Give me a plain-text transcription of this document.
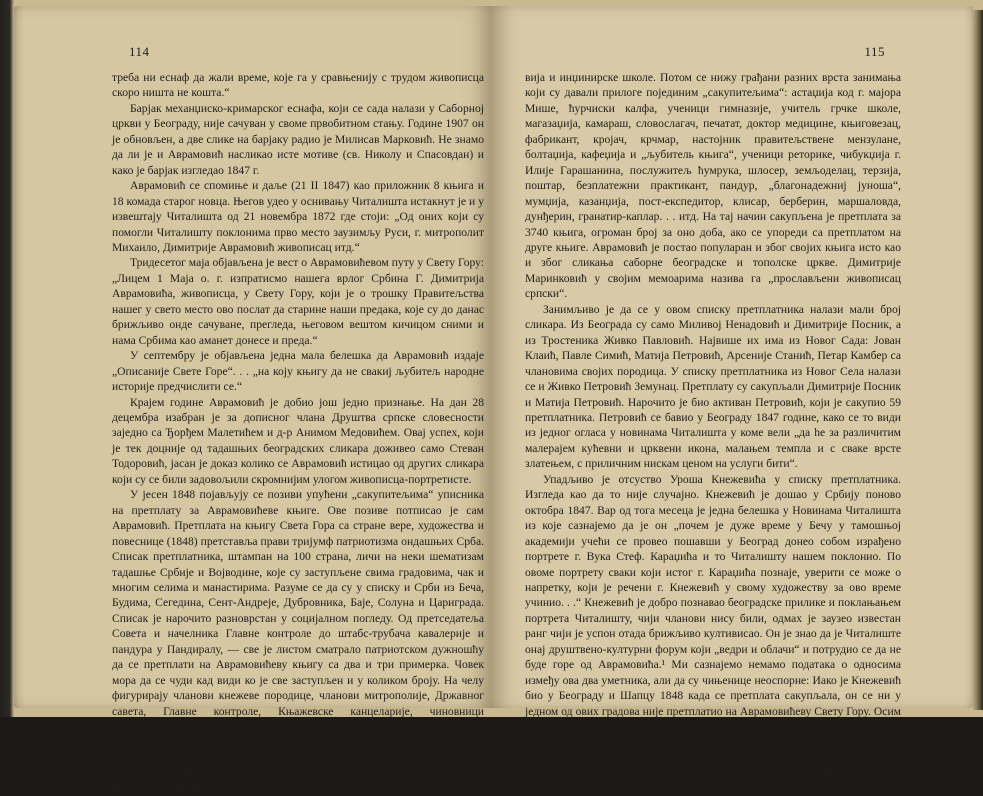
114

треба ни еснаф да жали време, које га у сравњенију с трудом живописца скоро ништа не кошта.“

Барјак механџиско-кримарског еснафа, који се сада налази у Саборној цркви у Београду, није сачуван у своме првобитном стању. Године 1907 он је обновљен, а две слике на барјаку радио је Милисав Марковић. Не знамо да ли је и Аврамовић насликао исте мотиве (св. Николу и Спасовдан) и како је барјак изгледао 1847 г.

Аврамовић се спомиње и даље (21 II 1847) као приложник 8 књига и 18 комада старог новца. Његов удео у оснивању Читалишта истакнут је и у извештају Читалишта од 21 новембра 1872 где стоји: „Од оних који су помогли Читалишту поклонима прво место заузимљу Руси, г. митрополит Михаило, Димитрије Аврамовић живописац итд.“

Тридесетог маја објављена је вест о Аврамовићевом путу у Свету Гору: „Лицем 1 Маја о. г. изпратисмо нашега врлог Србина Г. Димитрија Аврамовића, живописца, у Свету Гору, који је о трошку Правитељства нашег у свето место ово послат да старине наши предака, које су до данас брижљиво онде сачуване, прегледа, његовом вештом кичицом сними и нама Србима као аманет донесе и преда.“

У септембру је објављена једна мала белешка да Аврамовић издаје „Описаније Свете Горе“. . . „на коју књигу да не свакиј љубитељ народне историје предчислити се.“

Крајем године Аврамовић је добио још једно признање. На дан 28 децембра изабран је за дописног члана Друштва српске словесности заједно са Ђорђем Малетићем и д-р Анимом Медовићем. Овај успех, који је тек доцније од тадашњих београдских сликара доживео само Стеван Тодоровић, јасан је доказ колико се Аврамовић истицао од других сликара који су се били задовољили скромнијим улогом живописца-портретисте.

У јесен 1848 појављују се позиви упућени „сакупитељима“ уписника на претплату за Аврамовићеве књиге. Ове позиве потписао је сам Аврамовић. Претплата на књигу Света Гора са стране вере, художества и повеснице (1848) претставља прави тријумф патриотизма ондашњих Срба. Списак претплатника, штампан на 100 страна, личи на неки шематизам тадашње Србије и Војводине, које су заступљене свима градовима, чак и многим селима и манастирима. Разуме се да су у списку и Срби из Беча, Будима, Сегедина, Сент-Андреје, Дубровника, Баје, Солуна и Цариграда. Списак је нарочито разноврстан у социјалном погледу. Од претседатеља Совета и начелника Главне контроле до штабс-трубача кавалерије и пандура у Пандиралу, — све је листом сматрало патриотском дужношћу да се претплати на Аврамовићеву књигу са два и три примерка. Човек мора да се чуди кад види ко је све заступљен и у коликом броју. На челу фигурирају чланови кнежеве породице, чланови митрополије, Државног савета, Главне контроле, Књажевске канцеларије, чиновници Попечитељства внутрених дела, Попечитељства правосудија и просвештенија, Попечитељства финансија, Врховног суда, Апелационог суда, Суда вароши Београда, па онда војска, сви родови оружја, пехота, кавалерија и артилерија са Главним војеним штабом, чланови Читалишта београдског, професори и слушаоци права, мудросло-

115

вија и инџинирске школе. Потом се нижу грађани разних врста занимања који су давали прилоге појединим „сакупитељима“: астаџија код г. мајора Мише, ћурчиски калфа, ученици гимназије, учитель грчке школе, магазаџија, камараш, словослагач, печатат, доктор медицине, књиговезац, фабрикант, кројач, крчмар, настојник правитељствене мензулане, болтаџија, кафеџија и „љубитель књига“, ученици реторике, чибукџија г. Илије Гарашанина, послужитељ ћумрука, шлосер, земљоделац, терзија, поштар, безплатежни практикант, пандур, „благонадежниј јуноша“, мумџија, казанџија, пост-експедитор, клисар, берберин, маршаловда, дунђерин, гранатир-каплар. . . итд. На тај начин сакупљена је претплата за 3740 књига, огроман број за оно доба, ако се упореди са претплатом на друге књиге. Аврамовић је постао популаран и због својих књига исто као и због сликања саборне београдске и тополске цркве. Димитрије Маринковић у својим мемоарима назива га „прослављени живописац српски“.

Занимљиво је да се у овом списку претплатника налази мали број сликара. Из Београда су само Миливој Ненадовић и Димитрије Посник, а из Тростеника Живко Павловић. Највише их има из Новог Сада: Јован Клаић, Павле Симић, Матија Петровић, Арсеније Станић, Петар Камбер са члановима својих породица. У списку претплатника из Новог Села налази се и Живко Петровић Земунац. Претплату су сакупљали Димитрије Посник и Матија Петровић. Нарочито је био активан Петровић, који је сакупио 59 претплатника. Петровић се бавио у Београду 1847 године, како се то види из једног огласа у новинама Читалишта у коме вели „да he за различитим малерајем кућевни и црквени икона, малањем темпла и с сваке врсте златењем, с приличним нискам ценом на услуги бити“.

Упадљиво је отсуство Уроша Кнежевића у списку претплатника. Изгледа као да то није случајно. Кнежевић је дошао у Србију поново октобра 1847. Вар од тога месеца је једна белешка у Новинама Читалишта из које сазнајемо да је он „почем је дуже време у Бечу у тамошњој академији учећи се провео пошавши у Београд донео собом израђено портрете г. Вука Стеф. Караџића и то Читалишту нашем поклонио. По овоме портрету сваки који истог г. Караџића познаје, уверити се може о напретку, који је речени г. Кнежевић у свому художеству за ово време учинио. . .“ Кнежевић је добро познавао београдске прилике и поклањањем портрета Читалишту, чији чланови нису били, одмах је заузео известан ранг чији је успон отада брижљиво култивисао. Он је знао да је Читалиште онај друштвено-културни форум који „ведри и облачи“ и потрудио се да не буде горе од Аврамовића.¹ Ми сазнајемо немамо података о односима између ова два уметника, али да су чињенице неоспорне: Иако је Кнежевић био у Београду и Шапцу 1848 када се претплата сакупљала, он се ни у једном од ових градова није претплатио на Аврамовићеву Свету Гору. Осим тога, обојица су идуће године конкурисали за место професора начертанија у „послено трговачком заведенију“, дакле били су супарници. Ми смо већ видели како су образложили своје молбе.² По свему судећи Кнежевићево сликарство више се допадало београдској публици. Многобројни су Кнежевићеви портрети почев од 1850, а он
